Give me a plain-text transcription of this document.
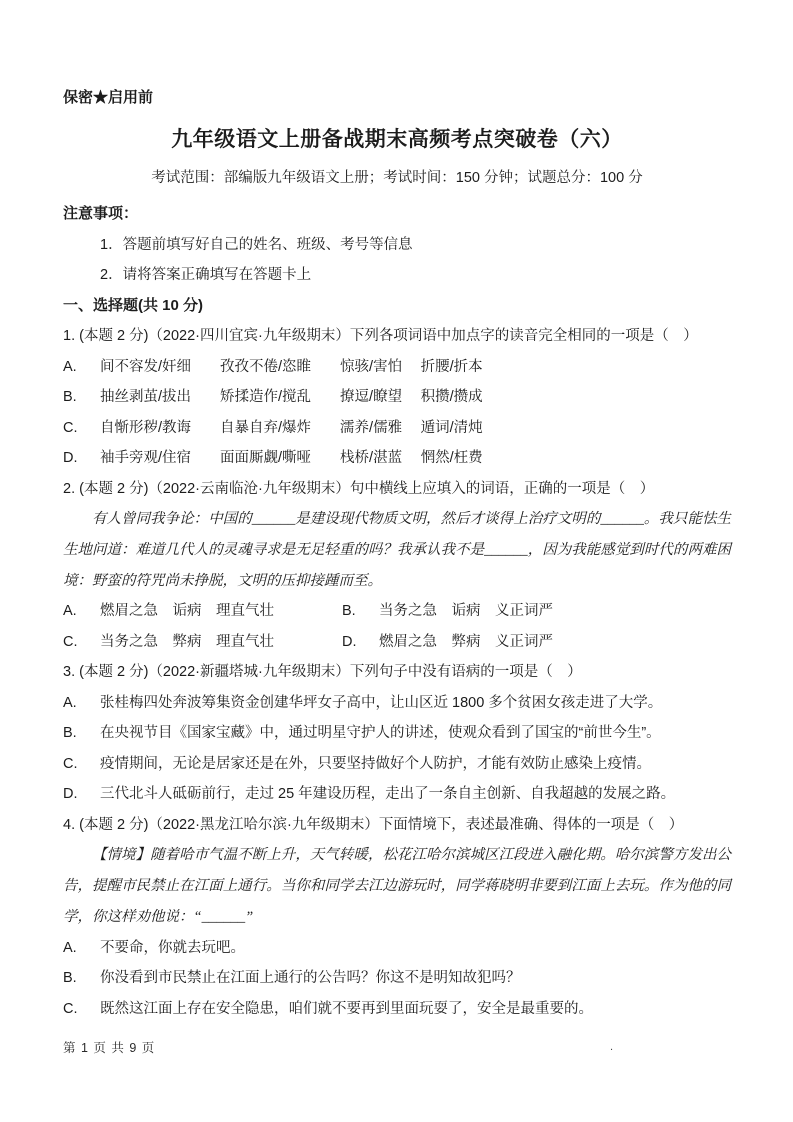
保密★启用前
九年级语文上册备战期末高频考点突破卷（六）
考试范围：部编版九年级语文上册；考试时间：150 分钟；试题总分：100 分
注意事项：
1．答题前填写好自己的姓名、班级、考号等信息
2．请将答案正确填写在答题卡上
一、选择题(共 10 分)
1. (本题 2 分)（2022·四川宜宾·九年级期末）下列各项词语中加点字的读音完全相同的一项是（　）
A.	间不容发/奸细　　孜孜不倦/恣睢　　惊骇/害怕　 折腰/折本
B.	抽丝剥茧/拔出　　矫揉造作/搅乱　　撩逗/瞭望　 积攒/攒成
C.	自惭形秽/教诲　　自暴自弃/爆炸　　濡养/儒雅　 遁词/清炖
D.	袖手旁观/住宿　　面面厮觑/嘶哑　　栈桥/湛蓝　 惘然/枉费
2. (本题 2 分)（2022·云南临沧·九年级期末）句中横线上应填入的词语，正确的一项是（　）
有人曾同我争论：中国的______是建设现代物质文明，然后才谈得上治疗文明的______。我只能怯生生地问道：难道几代人的灵魂寻求是无足轻重的吗？我承认我不是______，因为我能感觉到时代的两难困境：野蛮的符咒尚未挣脱，文明的压抑接踵而至。
A.	燃眉之急　诟病　理直气壮	B.	当务之急　诟病　义正词严
C.	当务之急　弊病　理直气壮	D.	燃眉之急　弊病　义正词严
3. (本题 2 分)（2022·新疆塔城·九年级期末）下列句子中没有语病的一项是（　）
A.	张桂梅四处奔波筹集资金创建华坪女子高中，让山区近 1800 多个贫困女孩走进了大学。
B.	在央视节目《国家宝藏》中，通过明星守护人的讲述，使观众看到了国宝的“前世今生”。
C.	疫情期间，无论是居家还是在外，只要坚持做好个人防护，才能有效防止感染上疫情。
D.	三代北斗人砥砺前行，走过 25 年建设历程，走出了一条自主创新、自我超越的发展之路。
4. (本题 2 分)（2022·黑龙江哈尔滨·九年级期末）下面情境下，表述最准确、得体的一项是（　）
【情境】随着哈市气温不断上升，天气转暖，松花江哈尔滨城区江段进入融化期。哈尔滨警方发出公告，提醒市民禁止在江面上通行。当你和同学去江边游玩时，同学蒋晓明非要到江面上去玩。作为他的同学，你这样劝他说：“______”
A.	不要命，你就去玩吧。
B.	你没看到市民禁止在江面上通行的公告吗？你这不是明知故犯吗？
C.	既然这江面上存在安全隐患，咱们就不要再到里面玩耍了，安全是最重要的。
第 1 页 共 9 页	.
